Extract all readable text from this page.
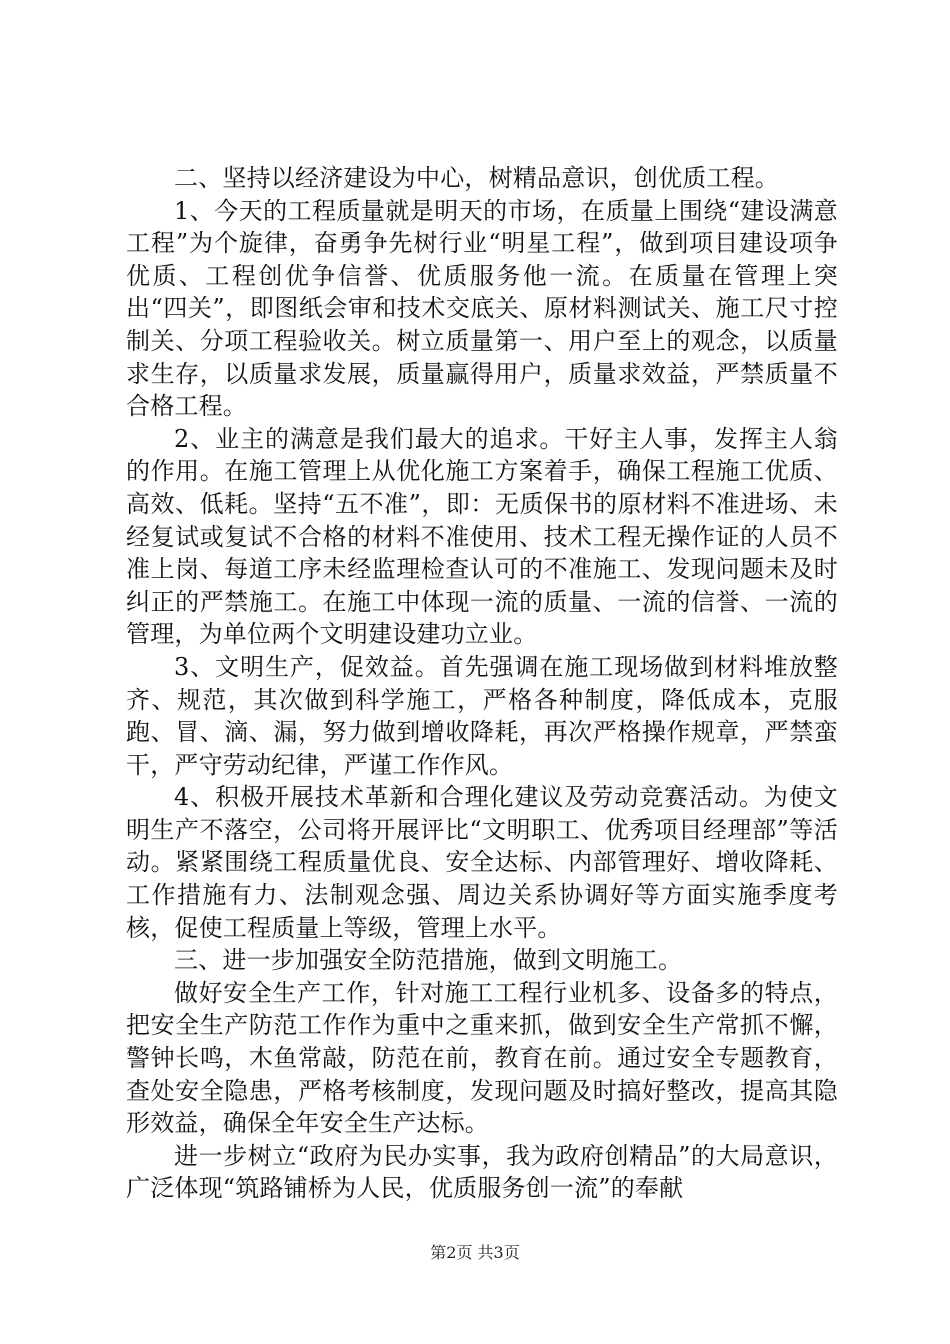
二、坚持以经济建设为中心，树精品意识，创优质工程。

1、今天的工程质量就是明天的市场，在质量上围绕“建设满意工程”为个旋律，奋勇争先树行业“明星工程”，做到项目建设项争优质、工程创优争信誉、优质服务他一流。在质量在管理上突出“四关”，即图纸会审和技术交底关、原材料测试关、施工尺寸控制关、分项工程验收关。树立质量第一、用户至上的观念，以质量求生存，以质量求发展，质量赢得用户，质量求效益，严禁质量不合格工程。

2、业主的满意是我们最大的追求。干好主人事，发挥主人翁的作用。在施工管理上从优化施工方案着手，确保工程施工优质、高效、低耗。坚持“五不准”，即：无质保书的原材料不准进场、未经复试或复试不合格的材料不准使用、技术工程无操作证的人员不准上岗、每道工序未经监理检查认可的不准施工、发现问题未及时纠正的严禁施工。在施工中体现一流的质量、一流的信誉、一流的管理，为单位两个文明建设建功立业。

3、文明生产，促效益。首先强调在施工现场做到材料堆放整齐、规范，其次做到科学施工，严格各种制度，降低成本，克服跑、冒、滴、漏，努力做到增收降耗，再次严格操作规章，严禁蛮干，严守劳动纪律，严谨工作作风。

4、积极开展技术革新和合理化建议及劳动竞赛活动。为使文明生产不落空，公司将开展评比“文明职工、优秀项目经理部”等活动。紧紧围绕工程质量优良、安全达标、内部管理好、增收降耗、工作措施有力、法制观念强、周边关系协调好等方面实施季度考核，促使工程质量上等级，管理上水平。

三、进一步加强安全防范措施，做到文明施工。

做好安全生产工作，针对施工工程行业机多、设备多的特点，把安全生产防范工作作为重中之重来抓，做到安全生产常抓不懈，警钟长鸣，木鱼常敲，防范在前，教育在前。通过安全专题教育，查处安全隐患，严格考核制度，发现问题及时搞好整改，提高其隐形效益，确保全年安全生产达标。

进一步树立“政府为民办实事，我为政府创精品”的大局意识，广泛体现“筑路铺桥为人民，优质服务创一流”的奉献

第2页 共3页
